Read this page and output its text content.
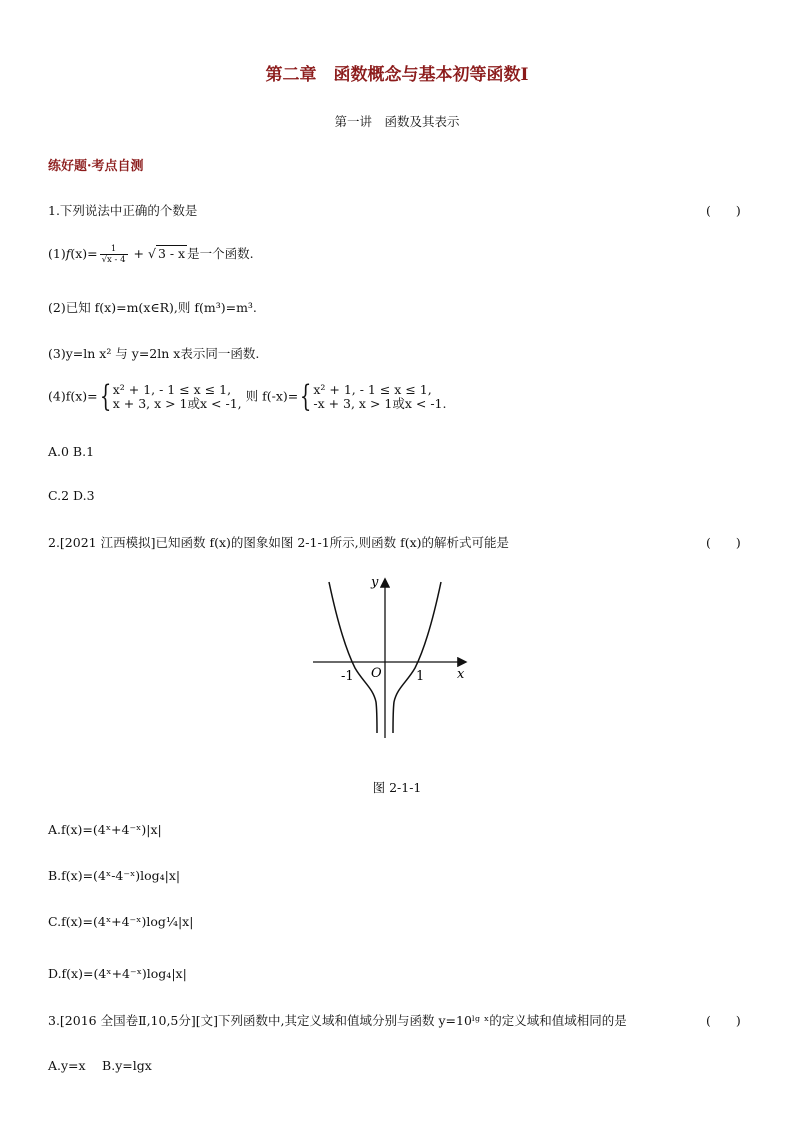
第二章　函数概念与基本初等函数Ⅰ
第一讲　函数及其表示
练好题·考点自测
1.下列说法中正确的个数是	(　　)
$(1)f(x)= \frac{1}{√x - 4}$ + √ 3 - x 是一个函数.
(2)已知 f(x)=m(x∈R),则 f(m³)=m³.
(3)y=ln x² 与 y=2ln x表示同一函数.
(4)f(x)={ x² + 1, - 1 ≤ x ≤ 1,
x + 3, x > 1或x < -1, 则 f(-x)={ x² + 1, - 1 ≤ x ≤ 1,
-x + 3, x > 1或x < -1.
A.0 B.1
C.2 D.3
2.[2021 江西模拟]已知函数 f(x)的图象如图 2-1-1所示,则函数 f(x)的解析式可能是	(　　)
y
x
O
-1	1
图 2-1-1
A.f(x)=(4ˣ+4⁻ˣ)|x|
B.f(x)=(4ˣ-4⁻ˣ)log₄|x|
C.f(x)=(4ˣ+4⁻ˣ)log¼|x|
D.f(x)=(4ˣ+4⁻ˣ)log₄|x|
3.[2016 全国卷Ⅱ,10,5分][文]下列函数中,其定义域和值域分别与函数 y=10ˡᵍ ˣ的定义域和值域相同的是	(　　)
A.y=x　 B.y=lgx
